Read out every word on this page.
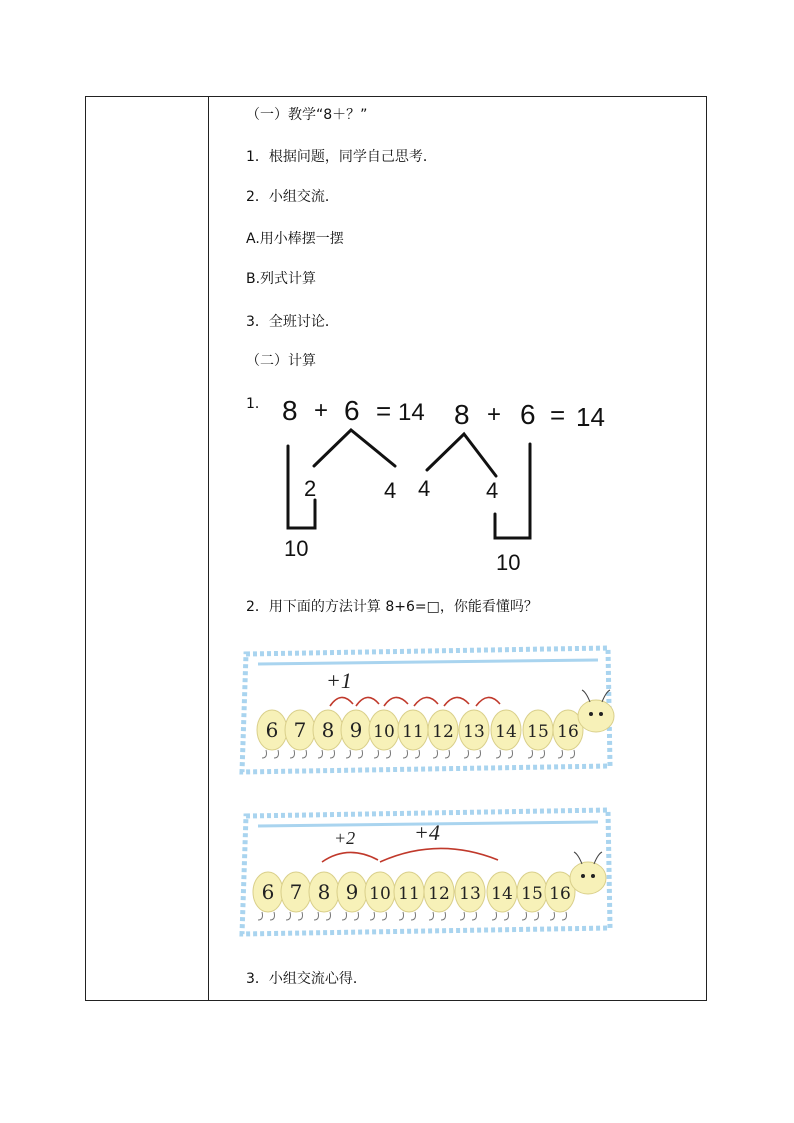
（一）教学“8＋？”
1．根据问题，同学自己思考．
2．小组交流．
A.用小棒摆一摆
B.列式计算
3．全班讨论．
（二）计算
1． 8 + 6 = 14
2	4
10
8 + 6 = 14
4	4
10
2．用下面的方法计算 8+6=□，你能看懂吗？
6 7 8 9 10 11 12 13 14 15 16
+1
6 7 8 9 10 11 12 13 14 15 16
+2	+4
3．小组交流心得．
